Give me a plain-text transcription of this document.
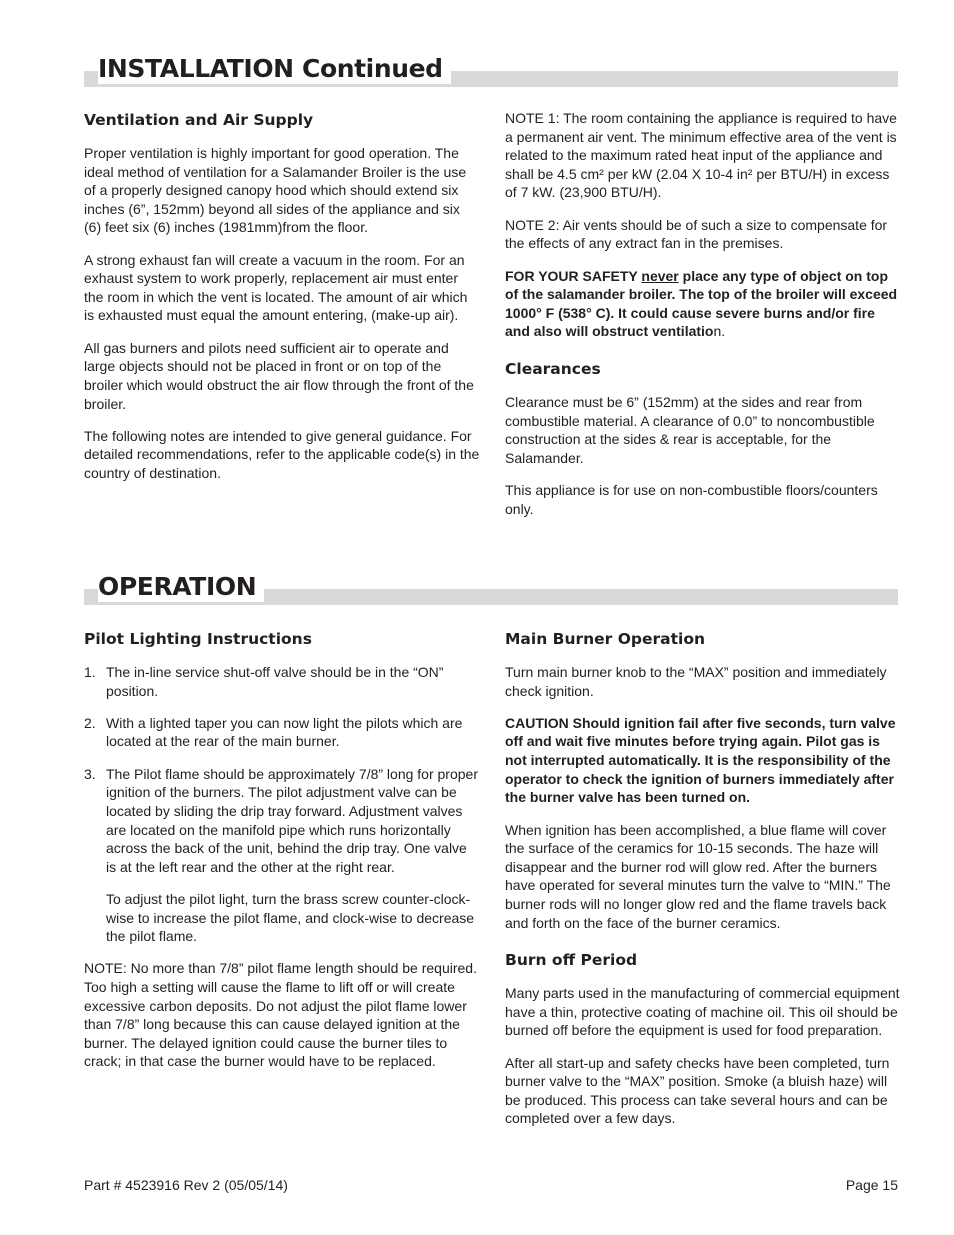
INSTALLATION Continued
Ventilation and Air Supply

Proper ventilation is highly important for good operation. The ideal method of ventilation for a Salamander Broiler is the use of a properly designed canopy hood which should extend six inches (6”, 152mm) beyond all sides of the appliance and six (6) feet six (6) inches (1981mm)from the floor.

A strong exhaust fan will create a vacuum in the room. For an exhaust system to work properly, replacement air must enter the room in which the vent is located. The amount of air which is exhausted must equal the amount entering, (make-up air).

All gas burners and pilots need sufficient air to operate and large objects should not be placed in front or on top of the broiler which would obstruct the air flow through the front of the broiler.

The following notes are intended to give general guidance. For detailed recommendations, refer to the applicable code(s) in the country of destination.

NOTE 1: The room containing the appliance is required to have a permanent air vent. The minimum effective area of the vent is related to the maximum rated heat input of the appliance and shall be 4.5 cm² per kW (2.04 X 10-4 in² per BTU/H) in excess of 7 kW. (23,900 BTU/H).

NOTE 2: Air vents should be of such a size to compensate for the effects of any extract fan in the premises.

FOR YOUR SAFETY never place any type of object on top of the salamander broiler. The top of the broiler will exceed 1000° F (538° C). It could cause severe burns and/or fire and also will obstruct ventilation.

Clearances

Clearance must be 6” (152mm) at the sides and rear from combustible material. A clearance of 0.0” to noncombustible construction at the sides & rear is acceptable, for the Salamander.

This appliance is for use on non-combustible floors/counters only.

OPERATION
Pilot Lighting Instructions
1. The in-line service shut-off valve should be in the “ON” position.
2. With a lighted taper you can now light the pilots which are located at the rear of the main burner.
3. The Pilot flame should be approximately 7/8” long for proper ignition of the burners. The pilot adjustment valve can be located by sliding the drip tray forward. Adjustment valves are located on the manifold pipe which runs horizontally across the back of the unit, behind the drip tray. One valve is at the left rear and the other at the right rear.

To adjust the pilot light, turn the brass screw counter-clock-wise to increase the pilot flame, and clock-wise to decrease the pilot flame.

NOTE: No more than 7/8” pilot flame length should be required. Too high a setting will cause the flame to lift off or will create excessive carbon deposits. Do not adjust the pilot flame lower than 7/8” long because this can cause delayed ignition at the burner. The delayed ignition could cause the burner tiles to crack; in that case the burner would have to be replaced.

Main Burner Operation

Turn main burner knob to the “MAX” position and immediately check ignition.

CAUTION Should ignition fail after five seconds, turn valve off and wait five minutes before trying again. Pilot gas is not interrupted automatically. It is the responsibility of the operator to check the ignition of burners immediately after the burner valve has been turned on.

When ignition has been accomplished, a blue flame will cover the surface of the ceramics for 10-15 seconds. The haze will disappear and the burner rod will glow red. After the burners have operated for several minutes turn the valve to “MIN.” The burner rods will no longer glow red and the flame travels back and forth on the face of the burner ceramics.

Burn off Period

Many parts used in the manufacturing of commercial equipment have a thin, protective coating of machine oil. This oil should be burned off before the equipment is used for food preparation.

After all start-up and safety checks have been completed, turn burner valve to the “MAX” position. Smoke (a bluish haze) will be produced. This process can take several hours and can be completed over a few days.

Part # 4523916 Rev 2 (05/05/14)	Page 15
